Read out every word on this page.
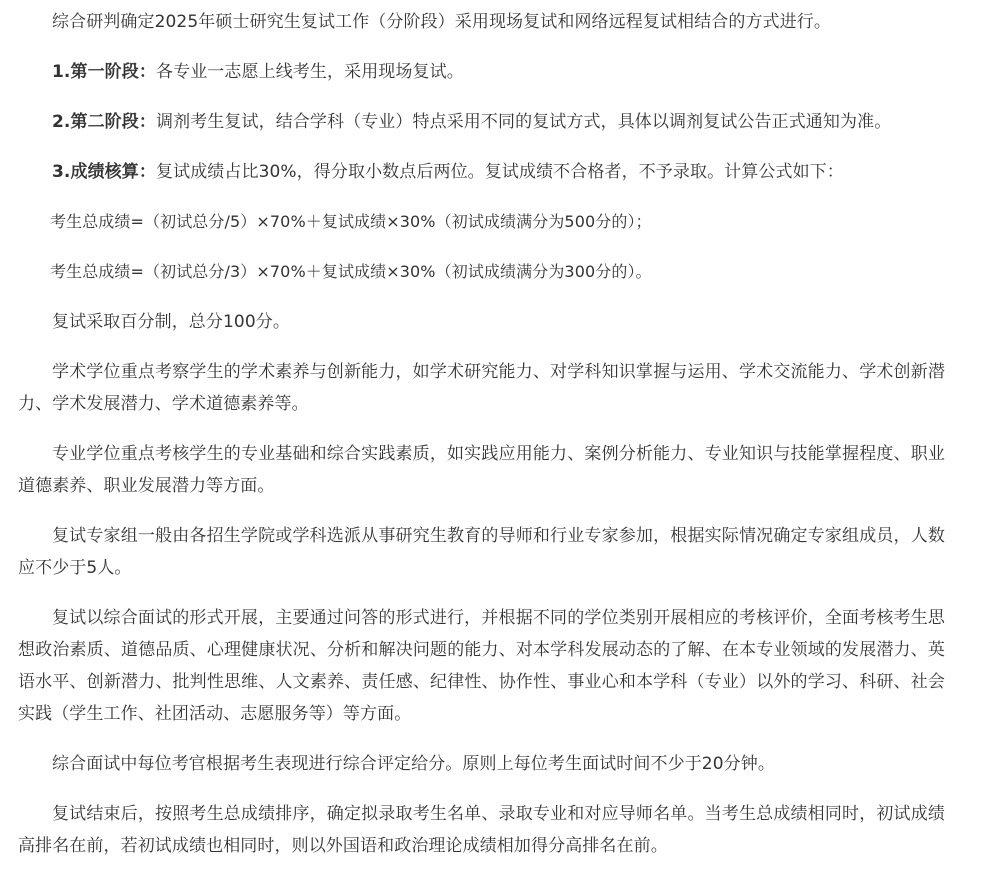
综合研判确定2025年硕士研究生复试工作（分阶段）采用现场复试和网络远程复试相结合的方式进行。

1.第一阶段：各专业一志愿上线考生，采用现场复试。

2.第二阶段：调剂考生复试，结合学科（专业）特点采用不同的复试方式，具体以调剂复试公告正式通知为准。

3.成绩核算：复试成绩占比30%，得分取小数点后两位。复试成绩不合格者，不予录取。计算公式如下：

考生总成绩=（初试总分/5）×70%＋复试成绩×30%（初试成绩满分为500分的）；

考生总成绩=（初试总分/3）×70%＋复试成绩×30%（初试成绩满分为300分的）。

复试采取百分制，总分100分。

学术学位重点考察学生的学术素养与创新能力，如学术研究能力、对学科知识掌握与运用、学术交流能力、学术创新潜力、学术发展潜力、学术道德素养等。

专业学位重点考核学生的专业基础和综合实践素质，如实践应用能力、案例分析能力、专业知识与技能掌握程度、职业道德素养、职业发展潜力等方面。

复试专家组一般由各招生学院或学科选派从事研究生教育的导师和行业专家参加，根据实际情况确定专家组成员，人数应不少于5人。

复试以综合面试的形式开展，主要通过问答的形式进行，并根据不同的学位类别开展相应的考核评价，全面考核考生思想政治素质、道德品质、心理健康状况、分析和解决问题的能力、对本学科发展动态的了解、在本专业领域的发展潜力、英语水平、创新潜力、批判性思维、人文素养、责任感、纪律性、协作性、事业心和本学科（专业）以外的学习、科研、社会实践（学生工作、社团活动、志愿服务等）等方面。

综合面试中每位考官根据考生表现进行综合评定给分。原则上每位考生面试时间不少于20分钟。

复试结束后，按照考生总成绩排序，确定拟录取考生名单、录取专业和对应导师名单。当考生总成绩相同时，初试成绩高排名在前，若初试成绩也相同时，则以外国语和政治理论成绩相加得分高排名在前。
